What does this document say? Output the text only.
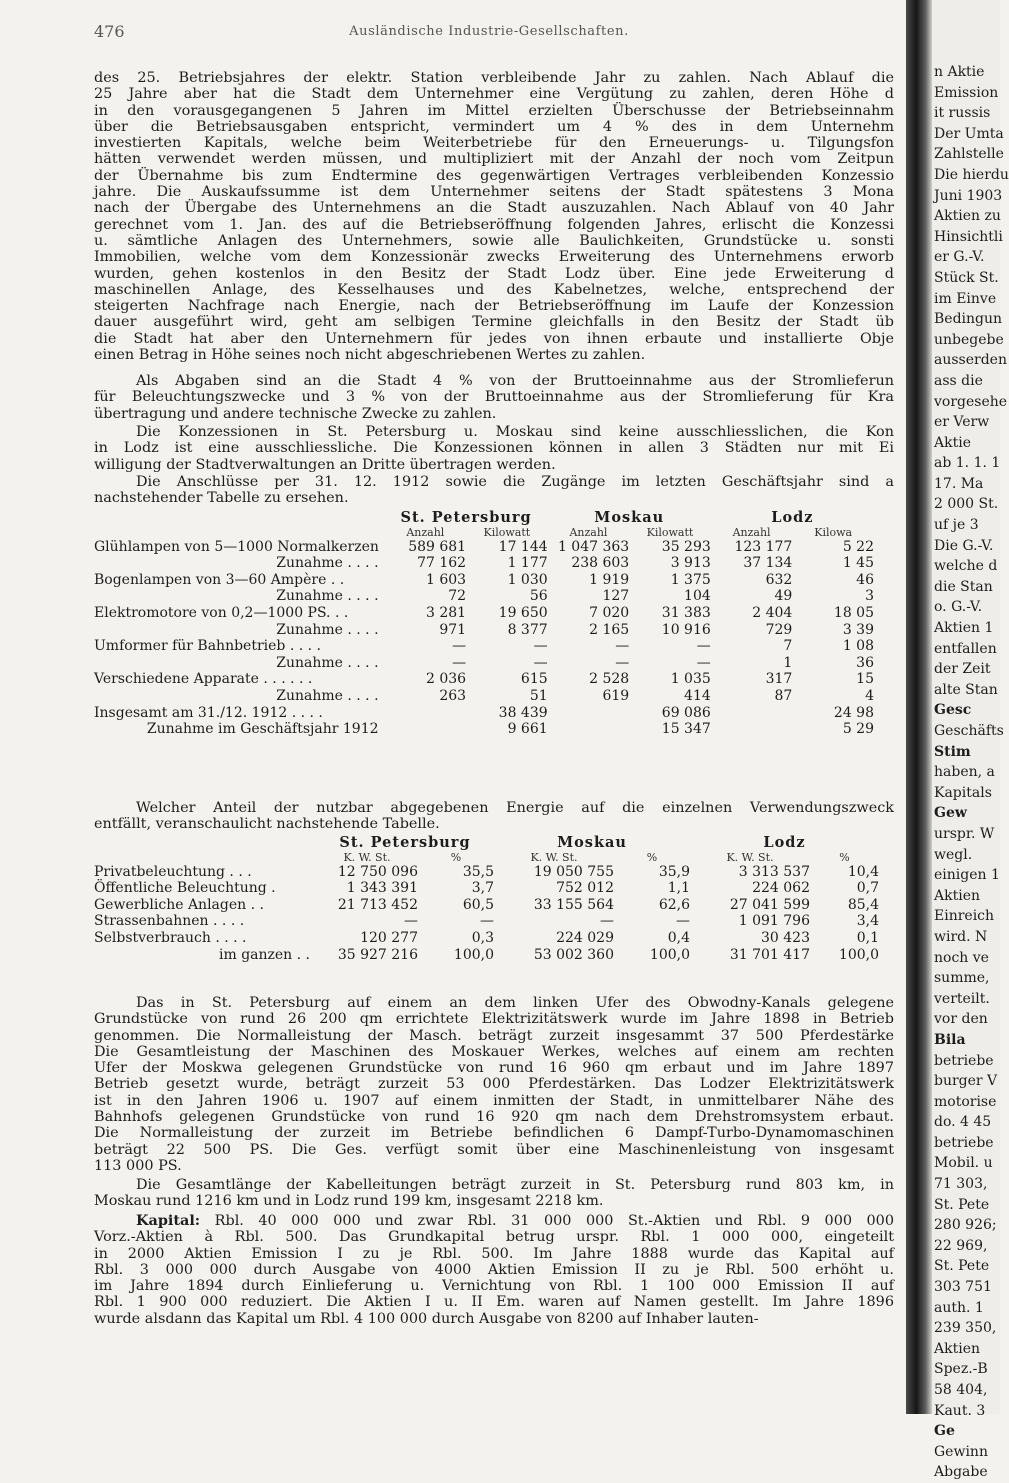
476	Ausländische Industrie-Gesellschaften.
des 25. Betriebsjahres der elektr. Station verbleibende Jahr zu zahlen. Nach Ablauf die
25 Jahre aber hat die Stadt dem Unternehmer eine Vergütung zu zahlen, deren Höhe d
in den vorausgegangenen 5 Jahren im Mittel erzielten Überschusse der Betriebseinnahm
über die Betriebsausgaben entspricht, vermindert um 4 % des in dem Unternehm
investierten Kapitals, welche beim Weiterbetriebe für den Erneuerungs- u. Tilgungsfon
hätten verwendet werden müssen, und multipliziert mit der Anzahl der noch vom Zeitpun
der Übernahme bis zum Endtermine des gegenwärtigen Vertrages verbleibenden Konzessio
jahre. Die Auskaufssumme ist dem Unternehmer seitens der Stadt spätestens 3 Mona
nach der Übergabe des Unternehmens an die Stadt auszuzahlen. Nach Ablauf von 40 Jahr
gerechnet vom 1. Jan. des auf die Betriebseröffnung folgenden Jahres, erlischt die Konzessi
u. sämtliche Anlagen des Unternehmers, sowie alle Baulichkeiten, Grundstücke u. sonsti
Immobilien, welche vom dem Konzessionär zwecks Erweiterung des Unternehmens erworb
wurden, gehen kostenlos in den Besitz der Stadt Lodz über. Eine jede Erweiterung d
maschinellen Anlage, des Kesselhauses und des Kabelnetzes, welche, entsprechend der
steigerten Nachfrage nach Energie, nach der Betriebseröffnung im Laufe der Konzession
dauer ausgeführt wird, geht am selbigen Termine gleichfalls in den Besitz der Stadt üb
die Stadt hat aber den Unternehmern für jedes von ihnen erbaute und installierte Obje
einen Betrag in Höhe seines noch nicht abgeschriebenen Wertes zu zahlen.
Als Abgaben sind an die Stadt 4 % von der Bruttoeinnahme aus der Stromlieferun
für Beleuchtungszwecke und 3 % von der Bruttoeinnahme aus der Stromlieferung für Kra
übertragung und andere technische Zwecke zu zahlen.
Die Konzessionen in St. Petersburg u. Moskau sind keine ausschliesslichen, die Kon
in Lodz ist eine ausschliessliche. Die Konzessionen können in allen 3 Städten nur mit Ei
willigung der Stadtverwaltungen an Dritte übertragen werden.
Die Anschlüsse per 31. 12. 1912 sowie die Zugänge im letzten Geschäftsjahr sind a
nachstehender Tabelle zu ersehen.
	St. Petersburg		Moskau		Lodz	
	Anzahl	Kilowatt	Anzahl	Kilowatt	Anzahl	Kilowa
Glühlampen von 5—1000 Normalkerzen	589 681	17 144	1 047 363	35 293	123 177	5 22
Zunahme . . . .	77 162	1 177	238 603	3 913	37 134	1 45
Bogenlampen von 3—60 Ampère . .	1 603	1 030	1 919	1 375	632	46
Zunahme . . . .	72	56	127	104	49	3
Elektromotore von 0,2—1000 PS. . .	3 281	19 650	7 020	31 383	2 404	18 05
Zunahme . . . .	971	8 377	2 165	10 916	729	3 39
Umformer für Bahnbetrieb . . . .	—	—	—	—	7	1 08
Zunahme . . . .	—	—	—	—	1	36
Verschiedene Apparate . . . . . .	2 036	615	2 528	1 035	317	15
Zunahme . . . .	263	51	619	414	87	4
Insgesamt am 31./12. 1912 . . . .		38 439		69 086		24 98
Zunahme im Geschäftsjahr 1912		9 661		15 347		5 29
Welcher Anteil der nutzbar abgegebenen Energie auf die einzelnen Verwendungszweck
entfällt, veranschaulicht nachstehende Tabelle.
	St. Petersburg		Moskau		Lodz	
	K. W. St.	%	K. W. St.	%	K. W. St.	%
Privatbeleuchtung . . .	12 750 096	35,5	19 050 755	35,9	3 313 537	10,4
Öffentliche Beleuchtung .	1 343 391	3,7	752 012	1,1	224 062	0,7
Gewerbliche Anlagen . .	21 713 452	60,5	33 155 564	62,6	27 041 599	85,4
Strassenbahnen . . . .	—	—	—	—	1 091 796	3,4
Selbstverbrauch . . . .	120 277	0,3	224 029	0,4	30 423	0,1
im ganzen . .	35 927 216	100,0	53 002 360	100,0	31 701 417	100,0
Das in St. Petersburg auf einem an dem linken Ufer des Obwodny-Kanals gelegene
Grundstücke von rund 26 200 qm errichtete Elektrizitätswerk wurde im Jahre 1898 in Betrieb
genommen. Die Normalleistung der Masch. beträgt zurzeit insgesammt 37 500 Pferdestärke
Die Gesamtleistung der Maschinen des Moskauer Werkes, welches auf einem am rechten
Ufer der Moskwa gelegenen Grundstücke von rund 16 960 qm erbaut und im Jahre 1897
Betrieb gesetzt wurde, beträgt zurzeit 53 000 Pferdestärken. Das Lodzer Elektrizitätswerk
ist in den Jahren 1906 u. 1907 auf einem inmitten der Stadt, in unmittelbarer Nähe des
Bahnhofs gelegenen Grundstücke von rund 16 920 qm nach dem Drehstromsystem erbaut.
Die Normalleistung der zurzeit im Betriebe befindlichen 6 Dampf-Turbo-Dynamomaschinen
beträgt 22 500 PS. Die Ges. verfügt somit über eine Maschinenleistung von insgesamt
113 000 PS.
Die Gesamtlänge der Kabelleitungen beträgt zurzeit in St. Petersburg rund 803 km, in
Moskau rund 1216 km und in Lodz rund 199 km, insgesamt 2218 km.
Kapital: Rbl. 40 000 000 und zwar Rbl. 31 000 000 St.-Aktien und Rbl. 9 000 000
Vorz.-Aktien à Rbl. 500. Das Grundkapital betrug urspr. Rbl. 1 000 000, eingeteilt
in 2000 Aktien Emission I zu je Rbl. 500. Im Jahre 1888 wurde das Kapital auf
Rbl. 3 000 000 durch Ausgabe von 4000 Aktien Emission II zu je Rbl. 500 erhöht u.
im Jahre 1894 durch Einlieferung u. Vernichtung von Rbl. 1 100 000 Emission II auf
Rbl. 1 900 000 reduziert. Die Aktien I u. II Em. waren auf Namen gestellt. Im Jahre 1896
wurde alsdann das Kapital um Rbl. 4 100 000 durch Ausgabe von 8200 auf Inhaber lauten-
n Aktie
Emission
it russis
Der Umta
Zahlstelle
Die hierdu
Juni 1903
Aktien zu
Hinsichtli
er G.-V.
Stück St.
im Einve
Bedingun
unbegebe
ausserden
ass die
vorgesehe
er Verw
Aktie
ab 1. 1. 1
17. Ma
2 000 St.
uf je 3
Die G.-V.
welche d
die Stan
o. G.-V.
Aktien 1
entfallen
der Zeit
alte Stan
Gesc
Geschäfts
Stim
haben, a
Kapitals
Gew
urspr. W
wegl.
einigen 1
Aktien
Einreich
wird. N
noch ve
summe,
verteilt.
vor den
Bila
betriebe
burger V
motorise
do. 4 45
betriebe
Mobil. u
71 303,
St. Pete
280 926;
22 969,
St. Pete
303 751
auth. 1
239 350,
Aktien
Spez.-B
58 404,
Kaut. 3
Ge
Gewinn
Abgabe
